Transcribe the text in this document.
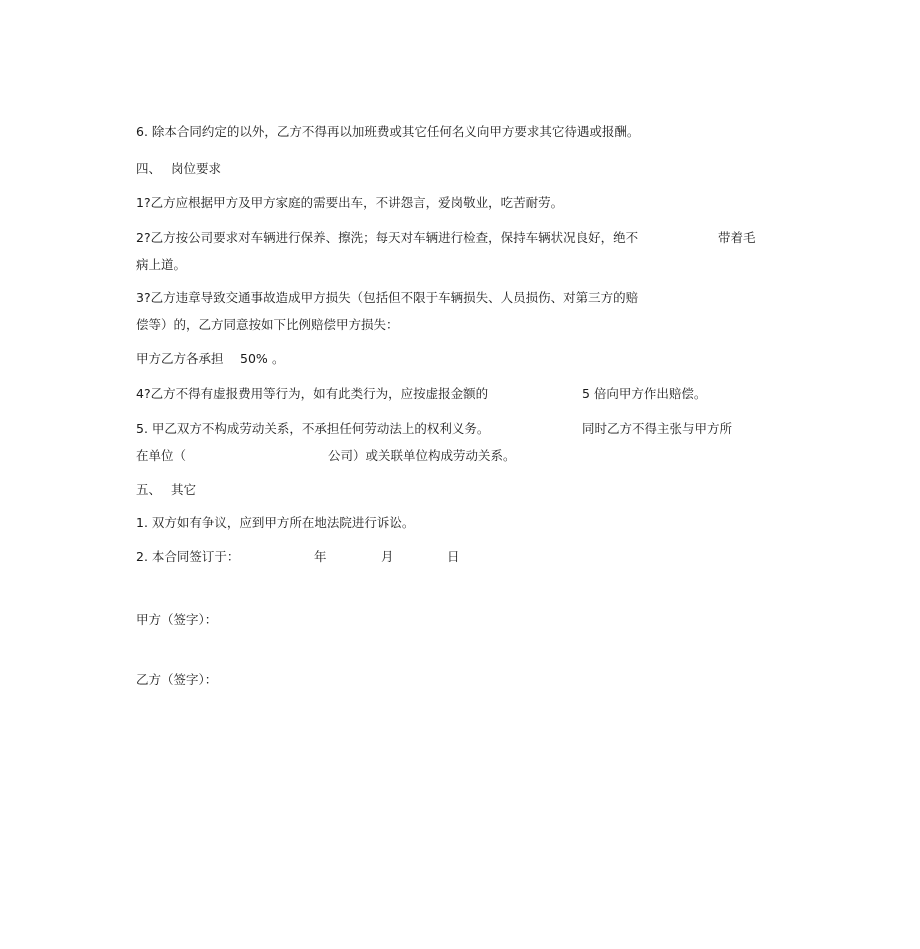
6. 除本合同约定的以外，乙方不得再以加班费或其它任何名义向甲方要求其它待遇或报酬。
四、 岗位要求
1?乙方应根据甲方及甲方家庭的需要出车，不讲怨言，爱岗敬业，吃苦耐劳。
2?乙方按公司要求对车辆进行保养、擦洗；每天对车辆进行检查，保持车辆状况良好，绝不	带着毛
病上道。
3?乙方违章导致交通事故造成甲方损失（包括但不限于车辆损失、人员损伤、对第三方的赔
偿等）的，乙方同意按如下比例赔偿甲方损失：
甲方乙方各承担 50% 。
4?乙方不得有虚报费用等行为，如有此类行为，应按虚报金额的	5 倍向甲方作出赔偿。
5. 甲乙双方不构成劳动关系，不承担任何劳动法上的权利义务。	同时乙方不得主张与甲方所
在单位（	公司）或关联单位构成劳动关系。
五、 其它
1. 双方如有争议，应到甲方所在地法院进行诉讼。
2. 本合同签订于：	年	月	日
甲方（签字）：
乙方（签字）：
